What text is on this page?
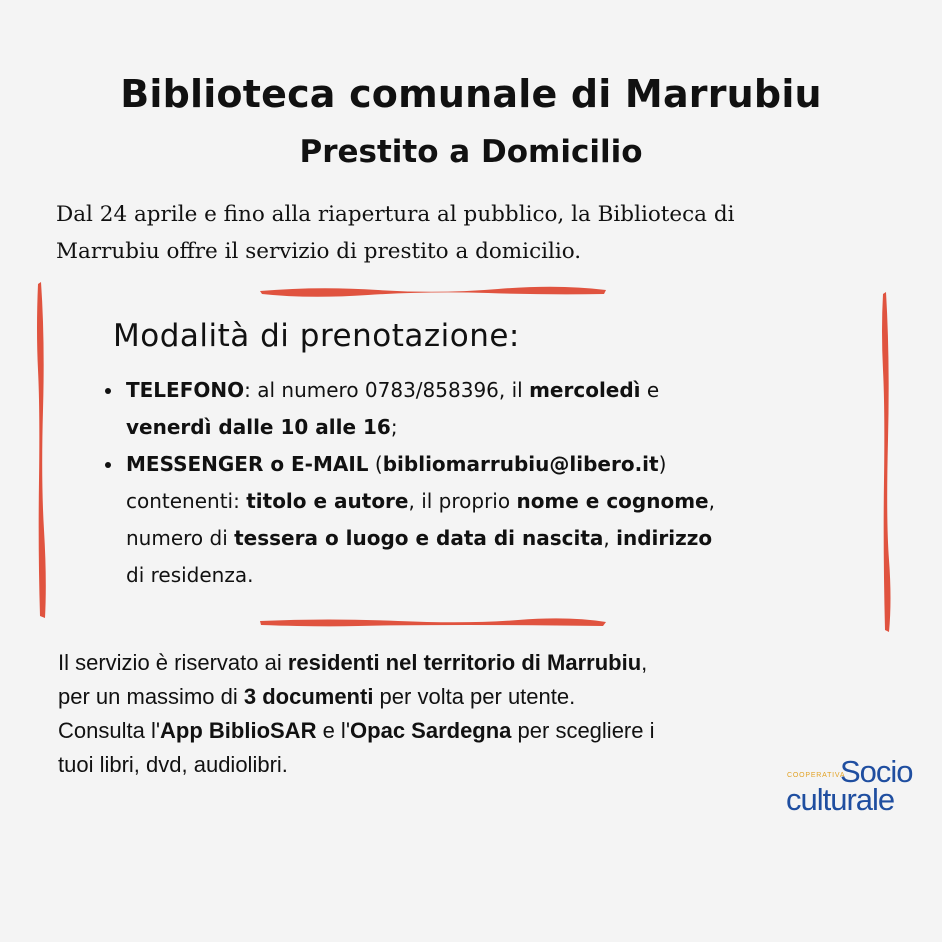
Biblioteca comunale di Marrubiu
Prestito a Domicilio

Dal 24 aprile e fino alla riapertura al pubblico, la Biblioteca di
Marrubiu offre il servizio di prestito a domicilio.

Modalità di prenotazione:
• TELEFONO: al numero 0783/858396, il mercoledì e
venerdì dalle 10 alle 16;
• MESSENGER o E-MAIL (bibliomarrubiu@libero.it)
contenenti: titolo e autore, il proprio nome e cognome,
numero di tessera o luogo e data di nascita, indirizzo
di residenza.

Il servizio è riservato ai residenti nel territorio di Marrubiu,

per un massimo di 3 documenti per volta per utente.

Consulta l'App BiblioSAR e l'Opac Sardegna per scegliere i

tuoi libri, dvd, audiolibri.	COOPERATIVA
Socio
culturale
